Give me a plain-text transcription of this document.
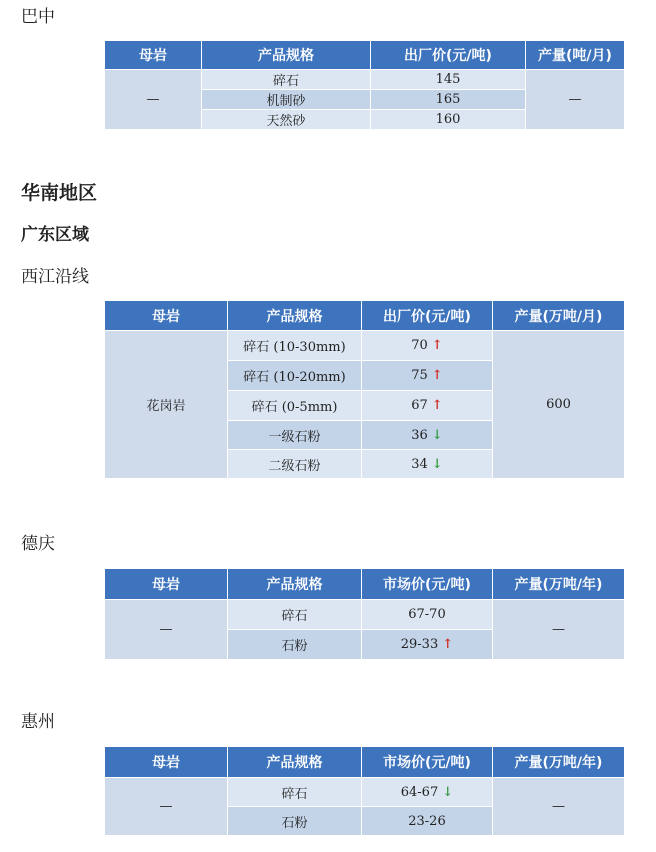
巴中
母岩	产品规格	出厂价(元/吨)	产量(吨/月)
—	碎石	145	—
	机制砂	165	
	天然砂	160	
华南地区
广东区域
西江沿线
母岩	产品规格	出厂价(元/吨)	产量(万吨/月)
花岗岩	碎石 (10-30mm)	70 ↑	600
	碎石 (10-20mm)	75 ↑	
	碎石 (0-5mm)	67 ↑	
	一级石粉	36 ↓	
	二级石粉	34 ↓	
德庆
母岩	产品规格	市场价(元/吨)	产量(万吨/年)
—	碎石	67-70	—
	石粉	29-33 ↑	
惠州
母岩	产品规格	市场价(元/吨)	产量(万吨/年)
—	碎石	64-67 ↓	—
	石粉	23-26	
